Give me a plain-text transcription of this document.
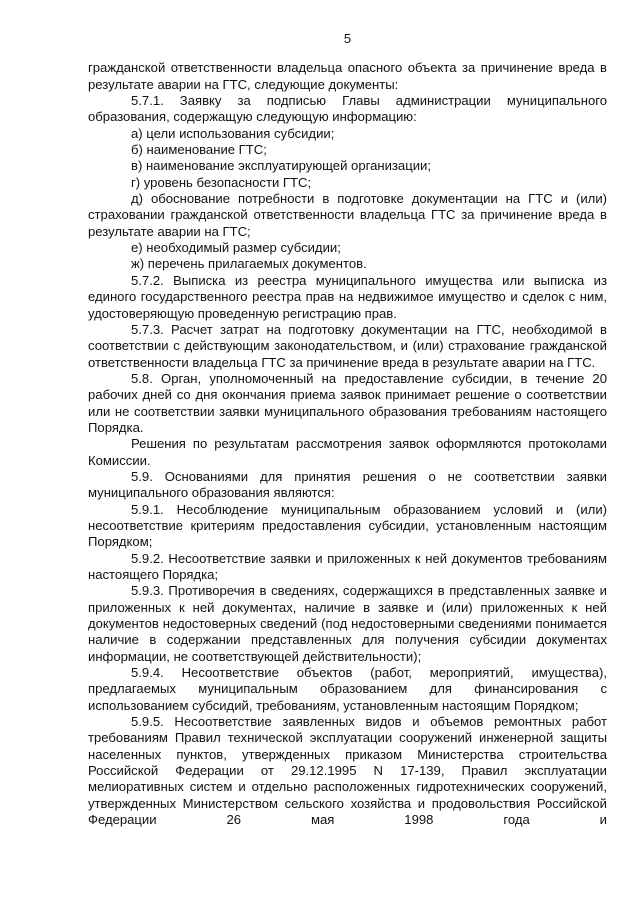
5

гражданской ответственности владельца опасного объекта за причинение вреда в результате аварии на ГТС, следующие документы:

5.7.1. Заявку за подписью Главы администрации муниципального образования, содержащую следующую информацию:

а) цели использования субсидии;
б) наименование ГТС;
в) наименование эксплуатирующей организации;
г) уровень безопасности ГТС;
д) обоснование потребности в подготовке документации на ГТС и (или) страховании гражданской ответственности владельца ГТС за причинение вреда в результате аварии на ГТС;
е) необходимый размер субсидии;
ж) перечень прилагаемых документов.

5.7.2. Выписка из реестра муниципального имущества или выписка из единого государственного реестра прав на недвижимое имущество и сделок с ним, удостоверяющую проведенную регистрацию прав.

5.7.3. Расчет затрат на подготовку документации на ГТС, необходимой в соответствии с действующим законодательством, и (или) страхование гражданской ответственности владельца ГТС за причинение вреда в результате аварии на ГТС.

5.8. Орган, уполномоченный на предоставление субсидии, в течение 20 рабочих дней со дня окончания приема заявок принимает решение о соответствии или не соответствии заявки муниципального образования требованиям настоящего Порядка.

Решения по результатам рассмотрения заявок оформляются протоколами Комиссии.

5.9. Основаниями для принятия решения о не соответствии заявки муниципального образования являются:

5.9.1. Несоблюдение муниципальным образованием условий и (или) несоответствие критериям предоставления субсидии, установленным настоящим Порядком;

5.9.2. Несоответствие заявки и приложенных к ней документов требованиям настоящего Порядка;

5.9.3. Противоречия в сведениях, содержащихся в представленных заявке и приложенных к ней документах, наличие в заявке и (или) приложенных к ней документов недостоверных сведений (под недостоверными сведениями понимается наличие в содержании представленных для получения субсидии документах информации, не соответствующей действительности);

5.9.4. Несоответствие объектов (работ, мероприятий, имущества), предлагаемых муниципальным образованием для финансирования с использованием субсидий, требованиям, установленным настоящим Порядком;

5.9.5. Несоответствие заявленных видов и объемов ремонтных работ требованиям Правил технической эксплуатации сооружений инженерной защиты населенных пунктов, утвержденных приказом Министерства строительства Российской Федерации от 29.12.1995 N 17-139, Правил эксплуатации мелиоративных систем и отдельно расположенных гидротехнических сооружений, утвержденных Министерством сельского хозяйства и продовольствия Российской Федерации 26 мая 1998 года и
